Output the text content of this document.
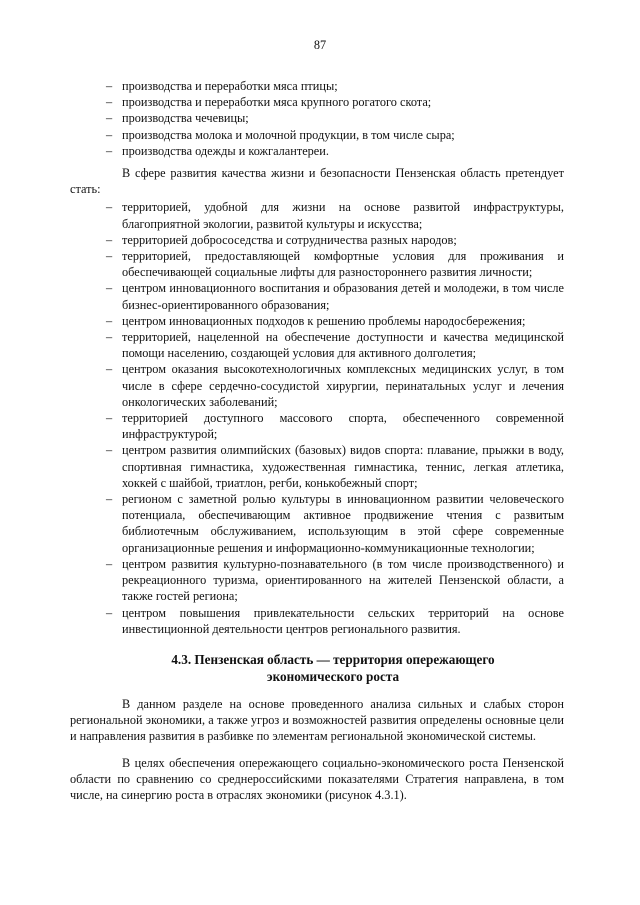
87
– производства и переработки мяса птицы;
– производства и переработки мяса крупного рогатого скота;
– производства чечевицы;
– производства молока и молочной продукции, в том числе сыра;
– производства одежды и кожгалантереи.

В сфере развития качества жизни и безопасности Пензенская область претендует стать:

– территорией, удобной для жизни на основе развитой инфраструктуры, благоприятной экологии, развитой культуры и искусства;
– территорией добрососедства и сотрудничества разных народов;
– территорией, предоставляющей комфортные условия для проживания и обеспечивающей социальные лифты для разностороннего развития личности;
– центром инновационного воспитания и образования детей и молодежи, в том числе бизнес-ориентированного образования;
– центром инновационных подходов к решению проблемы народосбережения;
– территорией, нацеленной на обеспечение доступности и качества медицинской помощи населению, создающей условия для активного долголетия;
– центром оказания высокотехнологичных комплексных медицинских услуг, в том числе в сфере сердечно-сосудистой хирургии, перинатальных услуг и лечения онкологических заболеваний;
– территорией доступного массового спорта, обеспеченного современной инфраструктурой;
– центром развития олимпийских (базовых) видов спорта: плавание, прыжки в воду, спортивная гимнастика, художественная гимнастика, теннис, легкая атлетика, хоккей с шайбой, триатлон, регби, конькобежный спорт;
– регионом с заметной ролью культуры в инновационном развитии человеческого потенциала, обеспечивающим активное продвижение чтения с развитым библиотечным обслуживанием, использующим в этой сфере современные организационные решения и информационно-коммуникационные технологии;
– центром развития культурно-познавательного (в том числе производственного) и рекреационного туризма, ориентированного на жителей Пензенской области, а также гостей региона;
– центром повышения привлекательности сельских территорий на основе инвестиционной деятельности центров регионального развития.
4.3. Пензенская область — территория опережающего
экономического роста

В данном разделе на основе проведенного анализа сильных и слабых сторон региональной экономики, а также угроз и возможностей развития определены основные цели и направления развития в разбивке по элементам региональной экономической системы.

В целях обеспечения опережающего социально-экономического роста Пензенской области по сравнению со среднероссийскими показателями Стратегия направлена, в том числе, на синергию роста в отраслях экономики (рисунок 4.3.1).
